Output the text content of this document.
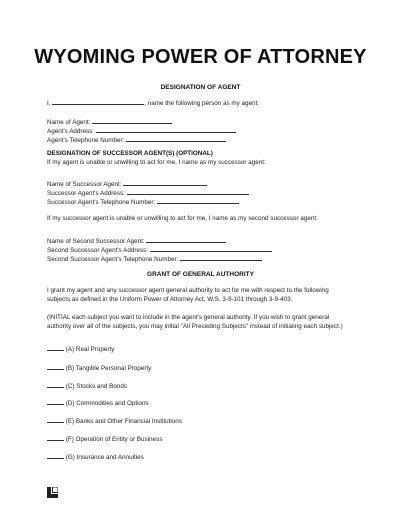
WYOMING POWER OF ATTORNEY
DESIGNATION OF AGENT
I,	, name the following person as my agent:
Name of Agent:
Agent's Address:
Agent's Telephone Number:
DESIGNATION OF SUCCESSOR AGENT(S) (OPTIONAL)
If my agent is unable or unwilling to act for me, I name as my successor agent:
Name of Successor Agent:
Successor Agent's Address:
Successor Agent's Telephone Number:
If my successor agent is unable or unwilling to act for me, I name as my second successor agent:
Name of Second Successor Agent:
Second Successor Agent's Address:
Second Successor Agent's Telephone Number:
GRANT OF GENERAL AUTHORITY
I grant my agent and any successor agent general authority to act for me with respect to the following
subjects as defined in the Uniform Power of Attorney Act, W.S. 3-9-101 through 3-9-403:
(INITIAL each subject you want to include in the agent's general authority. If you wish to grant general
authority over all of the subjects, you may initial "All Preceding Subjects" instead of initialing each subject.)
(A) Real Property
(B) Tangible Personal Property
(C) Stocks and Bonds
(D) Commodities and Options
(E) Banks and Other Financial Institutions
(F) Operation of Entity or Business
(G) Insurance and Annuities
